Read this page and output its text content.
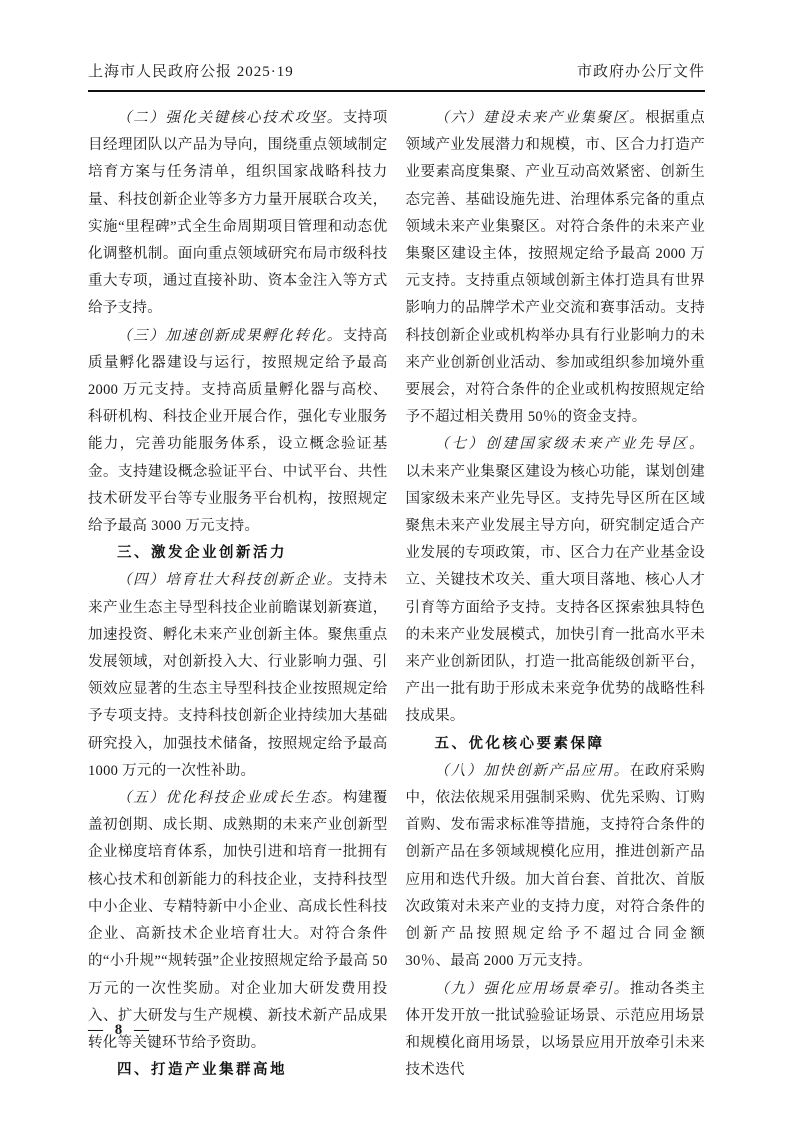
上海市人民政府公报 2025·19	市政府办公厅文件

（二）强化关键核心技术攻坚。支持项目经理团队以产品为导向，围绕重点领域制定培育方案与任务清单，组织国家战略科技力量、科技创新企业等多方力量开展联合攻关，实施“里程碑”式全生命周期项目管理和动态优化调整机制。面向重点领域研究布局市级科技重大专项，通过直接补助、资本金注入等方式给予支持。

（三）加速创新成果孵化转化。支持高质量孵化器建设与运行，按照规定给予最高 2000 万元支持。支持高质量孵化器与高校、科研机构、科技企业开展合作，强化专业服务能力，完善功能服务体系，设立概念验证基金。支持建设概念验证平台、中试平台、共性技术研发平台等专业服务平台机构，按照规定给予最高 3000 万元支持。

三、激发企业创新活力

（四）培育壮大科技创新企业。支持未来产业生态主导型科技企业前瞻谋划新赛道，加速投资、孵化未来产业创新主体。聚焦重点发展领域，对创新投入大、行业影响力强、引领效应显著的生态主导型科技企业按照规定给予专项支持。支持科技创新企业持续加大基础研究投入，加强技术储备，按照规定给予最高 1000 万元的一次性补助。

（五）优化科技企业成长生态。构建覆盖初创期、成长期、成熟期的未来产业创新型企业梯度培育体系，加快引进和培育一批拥有核心技术和创新能力的科技企业，支持科技型中小企业、专精特新中小企业、高成长性科技企业、高新技术企业培育壮大。对符合条件的“小升规”“规转强”企业按照规定给予最高 50 万元的一次性奖励。对企业加大研发费用投入、扩大研发与生产规模、新技术新产品成果转化等关键环节给予资助。

四、打造产业集群高地

（六）建设未来产业集聚区。根据重点领域产业发展潜力和规模，市、区合力打造产业要素高度集聚、产业互动高效紧密、创新生态完善、基础设施先进、治理体系完备的重点领域未来产业集聚区。对符合条件的未来产业集聚区建设主体，按照规定给予最高 2000 万元支持。支持重点领域创新主体打造具有世界影响力的品牌学术产业交流和赛事活动。支持科技创新企业或机构举办具有行业影响力的未来产业创新创业活动、参加或组织参加境外重要展会，对符合条件的企业或机构按照规定给予不超过相关费用 50％的资金支持。

（七）创建国家级未来产业先导区。以未来产业集聚区建设为核心功能，谋划创建国家级未来产业先导区。支持先导区所在区域聚焦未来产业发展主导方向，研究制定适合产业发展的专项政策，市、区合力在产业基金设立、关键技术攻关、重大项目落地、核心人才引育等方面给予支持。支持各区探索独具特色的未来产业发展模式，加快引育一批高水平未来产业创新团队，打造一批高能级创新平台，产出一批有助于形成未来竞争优势的战略性科技成果。

五、优化核心要素保障

（八）加快创新产品应用。在政府采购中，依法依规采用强制采购、优先采购、订购首购、发布需求标准等措施，支持符合条件的创新产品在多领域规模化应用，推进创新产品应用和迭代升级。加大首台套、首批次、首版次政策对未来产业的支持力度，对符合条件的创新产品按照规定给予不超过合同金额 30％、最高 2000 万元支持。

（九）强化应用场景牵引。推动各类主体开发开放一批试验验证场景、示范应用场景和规模化商用场景，以场景应用开放牵引未来技术迭代

— 8 —
